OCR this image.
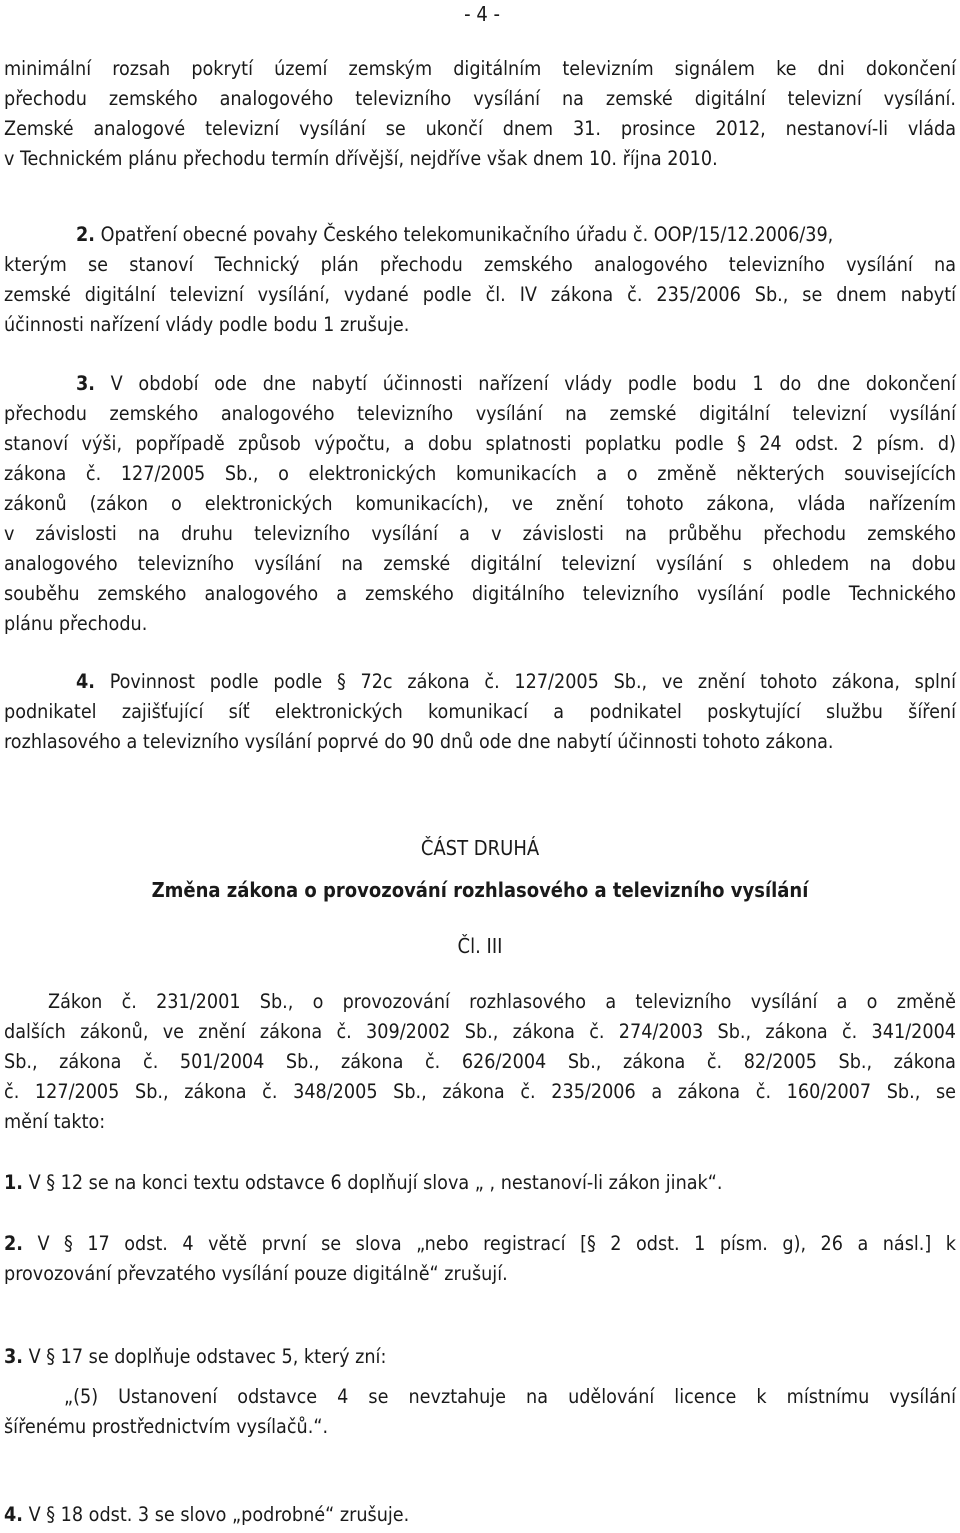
- 4 -
minimální rozsah pokrytí území zemským digitálním televizním signálem ke dni dokončení
přechodu zemského analogového televizního vysílání na zemské digitální televizní vysílání.
Zemské analogové televizní vysílání se ukončí dnem 31. prosince 2012, nestanoví-li vláda
v Technickém plánu přechodu termín dřívější, nejdříve však dnem 10. října 2010.
2. Opatření obecné povahy Českého telekomunikačního úřadu č. OOP/15/12.2006/39,
kterým se stanoví Technický plán přechodu zemského analogového televizního vysílání na
zemské digitální televizní vysílání, vydané podle čl. IV zákona č. 235/2006 Sb., se dnem nabytí
účinnosti nařízení vlády podle bodu 1 zrušuje.
3. V období ode dne nabytí účinnosti nařízení vlády podle bodu 1 do dne dokončení
přechodu zemského analogového televizního vysílání na zemské digitální televizní vysílání
stanoví výši, popřípadě způsob výpočtu, a dobu splatnosti poplatku podle § 24 odst. 2 písm. d)
zákona č. 127/2005 Sb., o elektronických komunikacích a o změně některých souvisejících
zákonů (zákon o elektronických komunikacích), ve znění tohoto zákona, vláda nařízením
v závislosti na druhu televizního vysílání a v závislosti na průběhu přechodu zemského
analogového televizního vysílání na zemské digitální televizní vysílání s ohledem na dobu
souběhu zemského analogového a zemského digitálního televizního vysílání podle Technického
plánu přechodu.
4. Povinnost podle podle § 72c zákona č. 127/2005 Sb., ve znění tohoto zákona, splní
podnikatel zajišťující síť elektronických komunikací a podnikatel poskytující službu šíření
rozhlasového a televizního vysílání poprvé do 90 dnů ode dne nabytí účinnosti tohoto zákona.
ČÁST DRUHÁ
Změna zákona o provozování rozhlasového a televizního vysílání
Čl. III
Zákon č. 231/2001 Sb., o provozování rozhlasového a televizního vysílání a o změně
dalších zákonů, ve znění zákona č. 309/2002 Sb., zákona č. 274/2003 Sb., zákona č. 341/2004
Sb., zákona č. 501/2004 Sb., zákona č. 626/2004 Sb., zákona č. 82/2005 Sb., zákona
č. 127/2005 Sb., zákona č. 348/2005 Sb., zákona č. 235/2006 a zákona č. 160/2007 Sb., se
mění takto:
1. V § 12 se na konci textu odstavce 6 doplňují slova „ , nestanoví-li zákon jinak“.
2. V § 17 odst. 4 větě první se slova „nebo registrací [§ 2 odst. 1 písm. g), 26 a násl.] k
provozování převzatého vysílání pouze digitálně“ zrušují.
3. V § 17 se doplňuje odstavec 5, který zní:
„(5) Ustanovení odstavce 4 se nevztahuje na udělování licence k místnímu vysílání
šířenému prostřednictvím vysílačů.“.
4. V § 18 odst. 3 se slovo „podrobné“ zrušuje.
